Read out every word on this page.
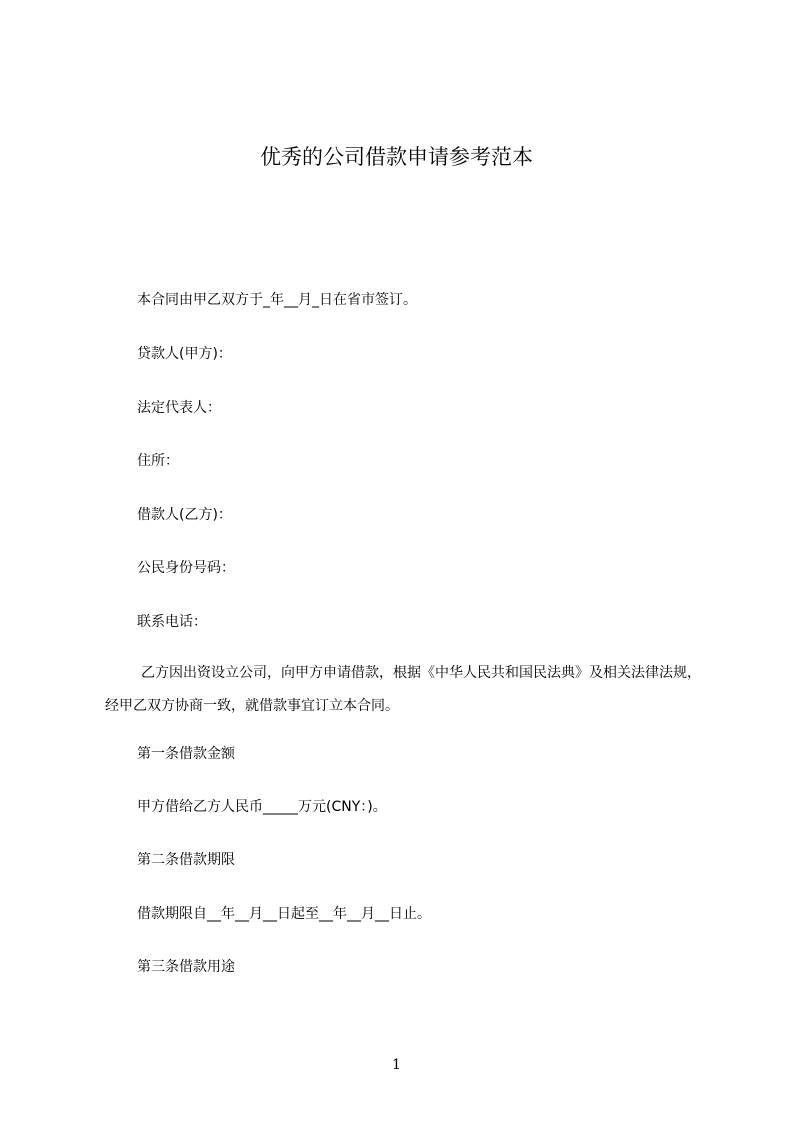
优秀的公司借款申请参考范本
本合同由甲乙双方于_年__月_日在省市签订。
贷款人(甲方)：
法定代表人：
住所：
借款人(乙方)：
公民身份号码：
联系电话：
乙方因出资设立公司，向甲方申请借款，根据《中华人民共和国民法典》及相关法律法规，经甲乙双方协商一致，就借款事宜订立本合同。
第一条借款金额
甲方借给乙方人民币_____万元(CNY：)。
第二条借款期限
借款期限自__年__月__日起至__年__月__日止。
第三条借款用途
1
